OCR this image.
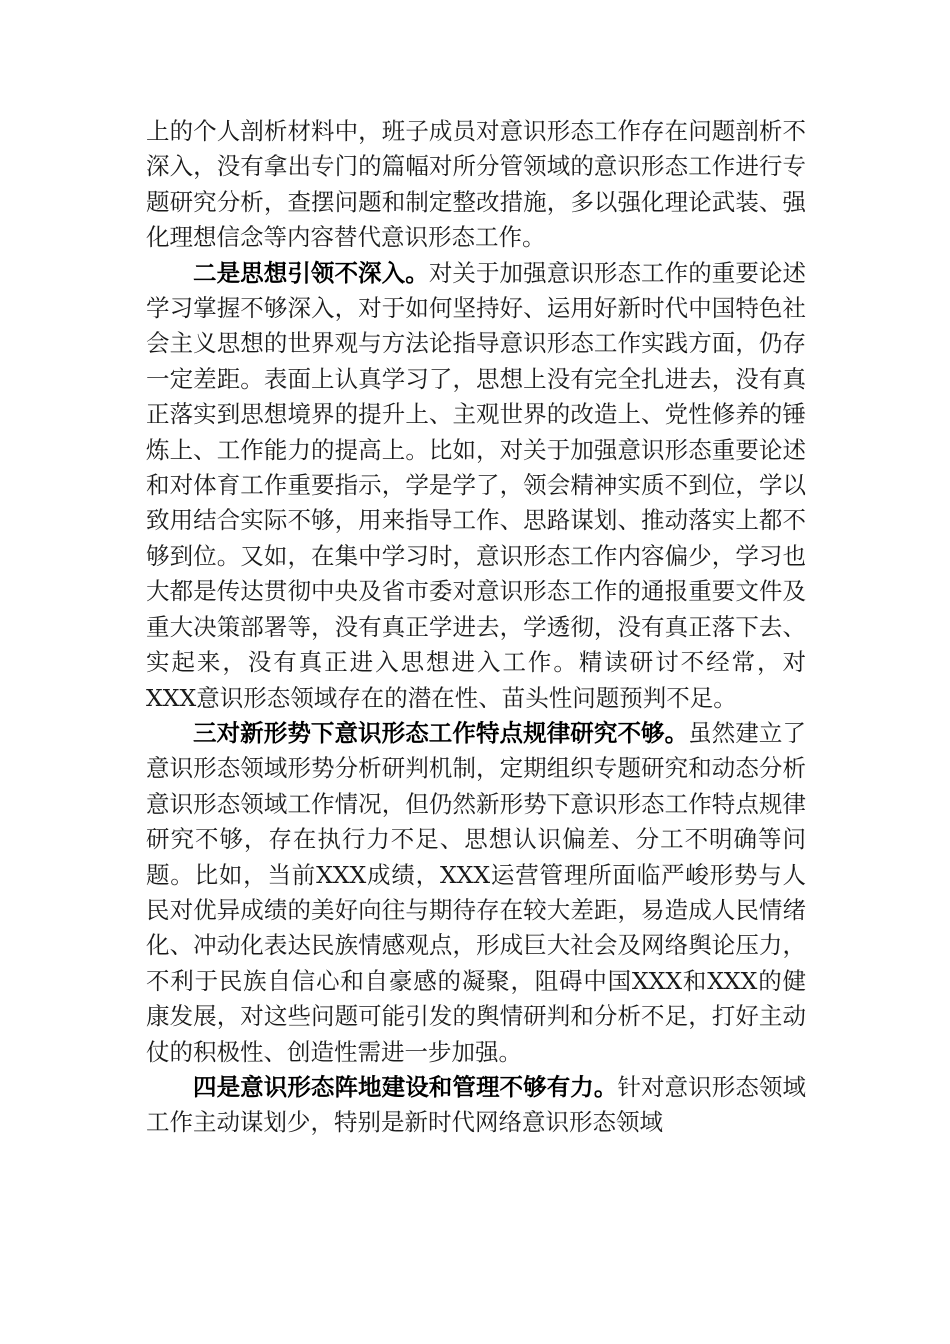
上的个人剖析材料中，班子成员对意识形态工作存在问题剖析不深入，没有拿出专门的篇幅对所分管领域的意识形态工作进行专题研究分析，查摆问题和制定整改措施，多以强化理论武装、强化理想信念等内容替代意识形态工作。

二是思想引领不深入。对关于加强意识形态工作的重要论述学习掌握不够深入，对于如何坚持好、运用好新时代中国特色社会主义思想的世界观与方法论指导意识形态工作实践方面，仍存一定差距。表面上认真学习了，思想上没有完全扎进去，没有真正落实到思想境界的提升上、主观世界的改造上、党性修养的锤炼上、工作能力的提高上。比如，对关于加强意识形态重要论述和对体育工作重要指示，学是学了，领会精神实质不到位，学以致用结合实际不够，用来指导工作、思路谋划、推动落实上都不够到位。又如，在集中学习时，意识形态工作内容偏少，学习也大都是传达贯彻中央及省市委对意识形态工作的通报重要文件及重大决策部署等，没有真正学进去，学透彻，没有真正落下去、实起来，没有真正进入思想进入工作。精读研讨不经常，对XXX意识形态领域存在的潜在性、苗头性问题预判不足。

三对新形势下意识形态工作特点规律研究不够。虽然建立了意识形态领域形势分析研判机制，定期组织专题研究和动态分析意识形态领域工作情况，但仍然新形势下意识形态工作特点规律研究不够，存在执行力不足、思想认识偏差、分工不明确等问题。比如，当前XXX成绩，XXX运营管理所面临严峻形势与人民对优异成绩的美好向往与期待存在较大差距，易造成人民情绪化、冲动化表达民族情感观点，形成巨大社会及网络舆论压力，不利于民族自信心和自豪感的凝聚，阻碍中国XXX和XXX的健康发展，对这些问题可能引发的舆情研判和分析不足，打好主动仗的积极性、创造性需进一步加强。

四是意识形态阵地建设和管理不够有力。针对意识形态领域工作主动谋划少，特别是新时代网络意识形态领域
